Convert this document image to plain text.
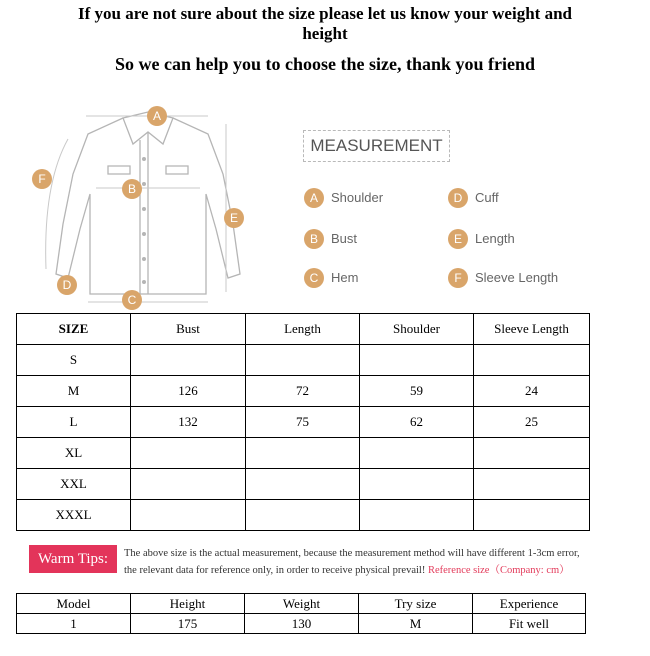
If you are not sure about the size please let us know your weight and height
So we can help you to choose the size, thank you friend
A
B
C
D
E
F
MEASUREMENT
A	Shoulder	D Cuff
B	Bust	E	Length
C Hem	F	Sleeve Length
SIZE	Bust	Length	Shoulder	Sleeve Length
S				
M	126	72	59	24
L	132	75	62	25
XL				
XXL				
XXXL				
Warm Tips:	The above size is the actual measurement, because the measurement method will have different 1-3cm error,
the relevant data for reference only, in order to receive physical prevail! Reference size（Company: cm）
Model	Height	Weight	Try size	Experience
1	175	130	M	Fit well
